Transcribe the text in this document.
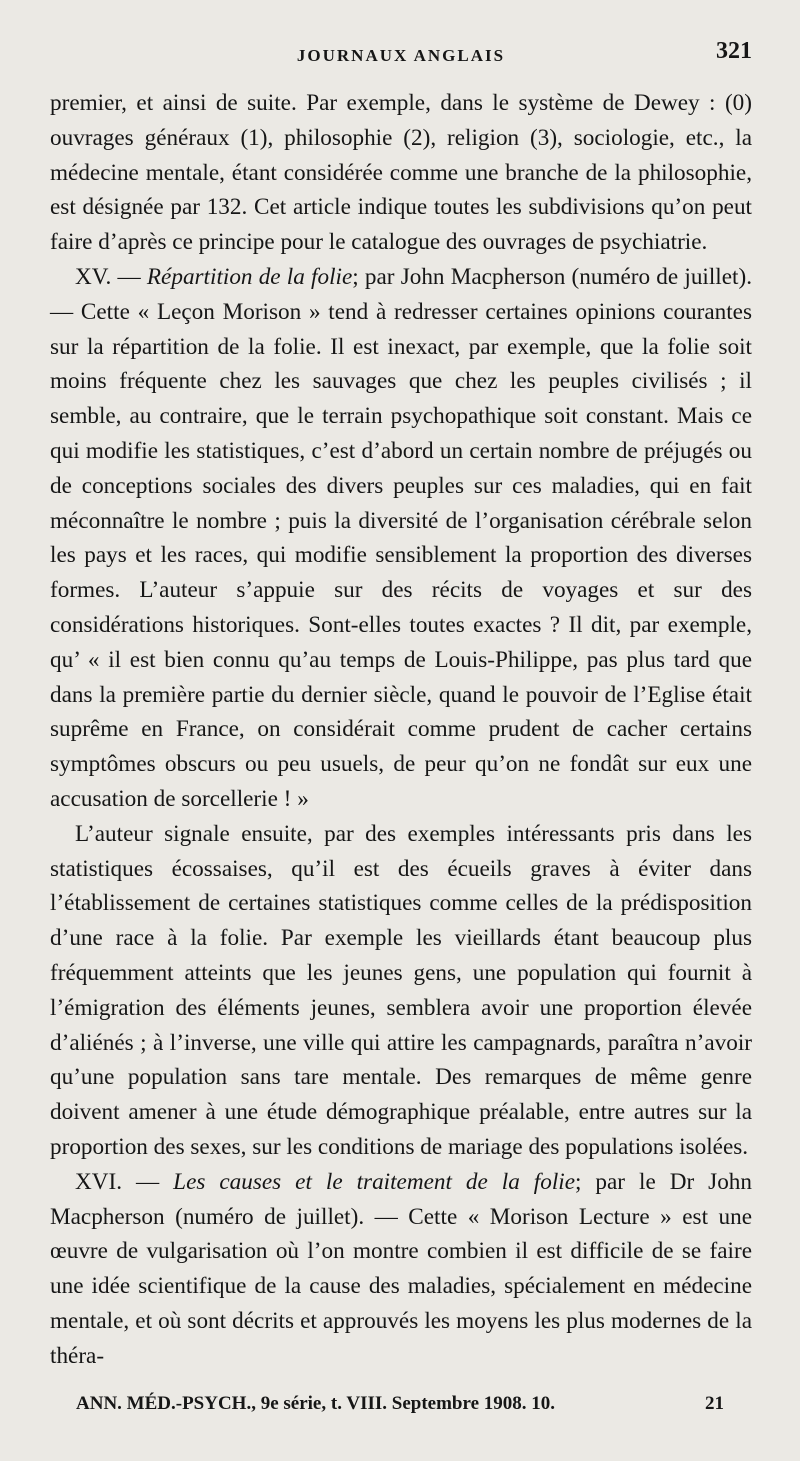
JOURNAUX ANGLAIS	321

premier, et ainsi de suite. Par exemple, dans le système de Dewey : (0) ouvrages généraux (1), philosophie (2), religion (3), sociologie, etc., la médecine mentale, étant considérée comme une branche de la philosophie, est désignée par 132. Cet article indique toutes les subdivisions qu’on peut faire d’après ce principe pour le catalogue des ouvrages de psychiatrie.

XV. — Répartition de la folie; par John Macpherson (numéro de juillet). — Cette « Leçon Morison » tend à redresser certaines opinions courantes sur la répartition de la folie. Il est inexact, par exemple, que la folie soit moins fréquente chez les sauvages que chez les peuples civilisés ; il semble, au contraire, que le terrain psychopathique soit constant. Mais ce qui modifie les statistiques, c’est d’abord un certain nombre de préjugés ou de conceptions sociales des divers peuples sur ces maladies, qui en fait méconnaître le nombre ; puis la diversité de l’organisation cérébrale selon les pays et les races, qui modifie sensiblement la proportion des diverses formes. L’auteur s’appuie sur des récits de voyages et sur des considérations historiques. Sont-elles toutes exactes ? Il dit, par exemple, qu’ « il est bien connu qu’au temps de Louis-Philippe, pas plus tard que dans la première partie du dernier siècle, quand le pouvoir de l’Eglise était suprême en France, on considérait comme prudent de cacher certains symptômes obscurs ou peu usuels, de peur qu’on ne fondât sur eux une accusation de sorcellerie ! »

L’auteur signale ensuite, par des exemples intéressants pris dans les statistiques écossaises, qu’il est des écueils graves à éviter dans l’établissement de certaines statistiques comme celles de la prédisposition d’une race à la folie. Par exemple les vieillards étant beaucoup plus fréquemment atteints que les jeunes gens, une population qui fournit à l’émigration des éléments jeunes, semblera avoir une proportion élevée d’aliénés ; à l’inverse, une ville qui attire les campagnards, paraîtra n’avoir qu’une population sans tare mentale. Des remarques de même genre doivent amener à une étude démographique préalable, entre autres sur la proportion des sexes, sur les conditions de mariage des populations isolées.

XVI. — Les causes et le traitement de la folie; par le Dr John Macpherson (numéro de juillet). — Cette « Morison Lecture » est une œuvre de vulgarisation où l’on montre combien il est difficile de se faire une idée scientifique de la cause des maladies, spécialement en médecine mentale, et où sont décrits et approuvés les moyens les plus modernes de la théra-

ANN. MÉD.-PSYCH., 9e série, t. VIII. Septembre 1908. 10.	21
